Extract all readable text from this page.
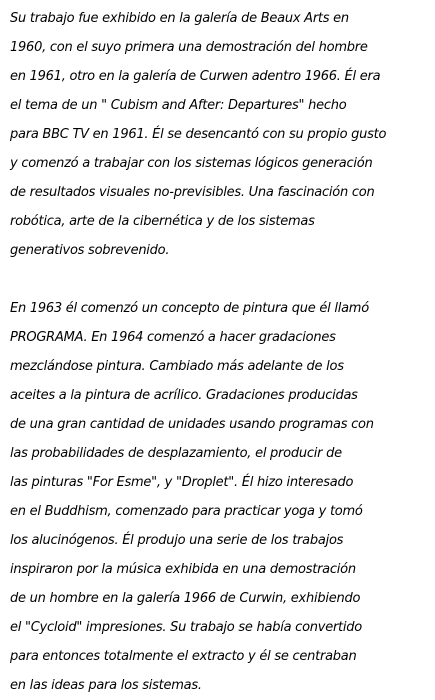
Su trabajo fue exhibido en la galería de Beaux Arts en
1960, con el suyo primera una demostración del hombre
en 1961, otro en la galería de Curwen adentro 1966. Él era
el tema de un " Cubism and After: Departures" hecho
para BBC TV en 1961. Él se desencantó con su propio gusto
y comenzó a trabajar con los sistemas lógicos generación
de resultados visuales no-previsibles. Una fascinación con
robótica, arte de la cibernética y de los sistemas
generativos sobrevenido.
En 1963 él comenzó un concepto de pintura que él llamó
PROGRAMA. En 1964 comenzó a hacer gradaciones
mezclándose pintura. Cambiado más adelante de los
aceites a la pintura de acrílico. Gradaciones producidas
de una gran cantidad de unidades usando programas con
las probabilidades de desplazamiento, el producir de
las pinturas "For Esme", y "Droplet". Él hizo interesado
en el Buddhism, comenzado para practicar yoga y tomó
los alucinógenos. Él produjo una serie de los trabajos
inspiraron por la música exhibida en una demostración
de un hombre en la galería 1966 de Curwin, exhibiendo
el "Cycloid" impresiones. Su trabajo se había convertido
para entonces totalmente el extracto y él se centraban
en las ideas para los sistemas.
